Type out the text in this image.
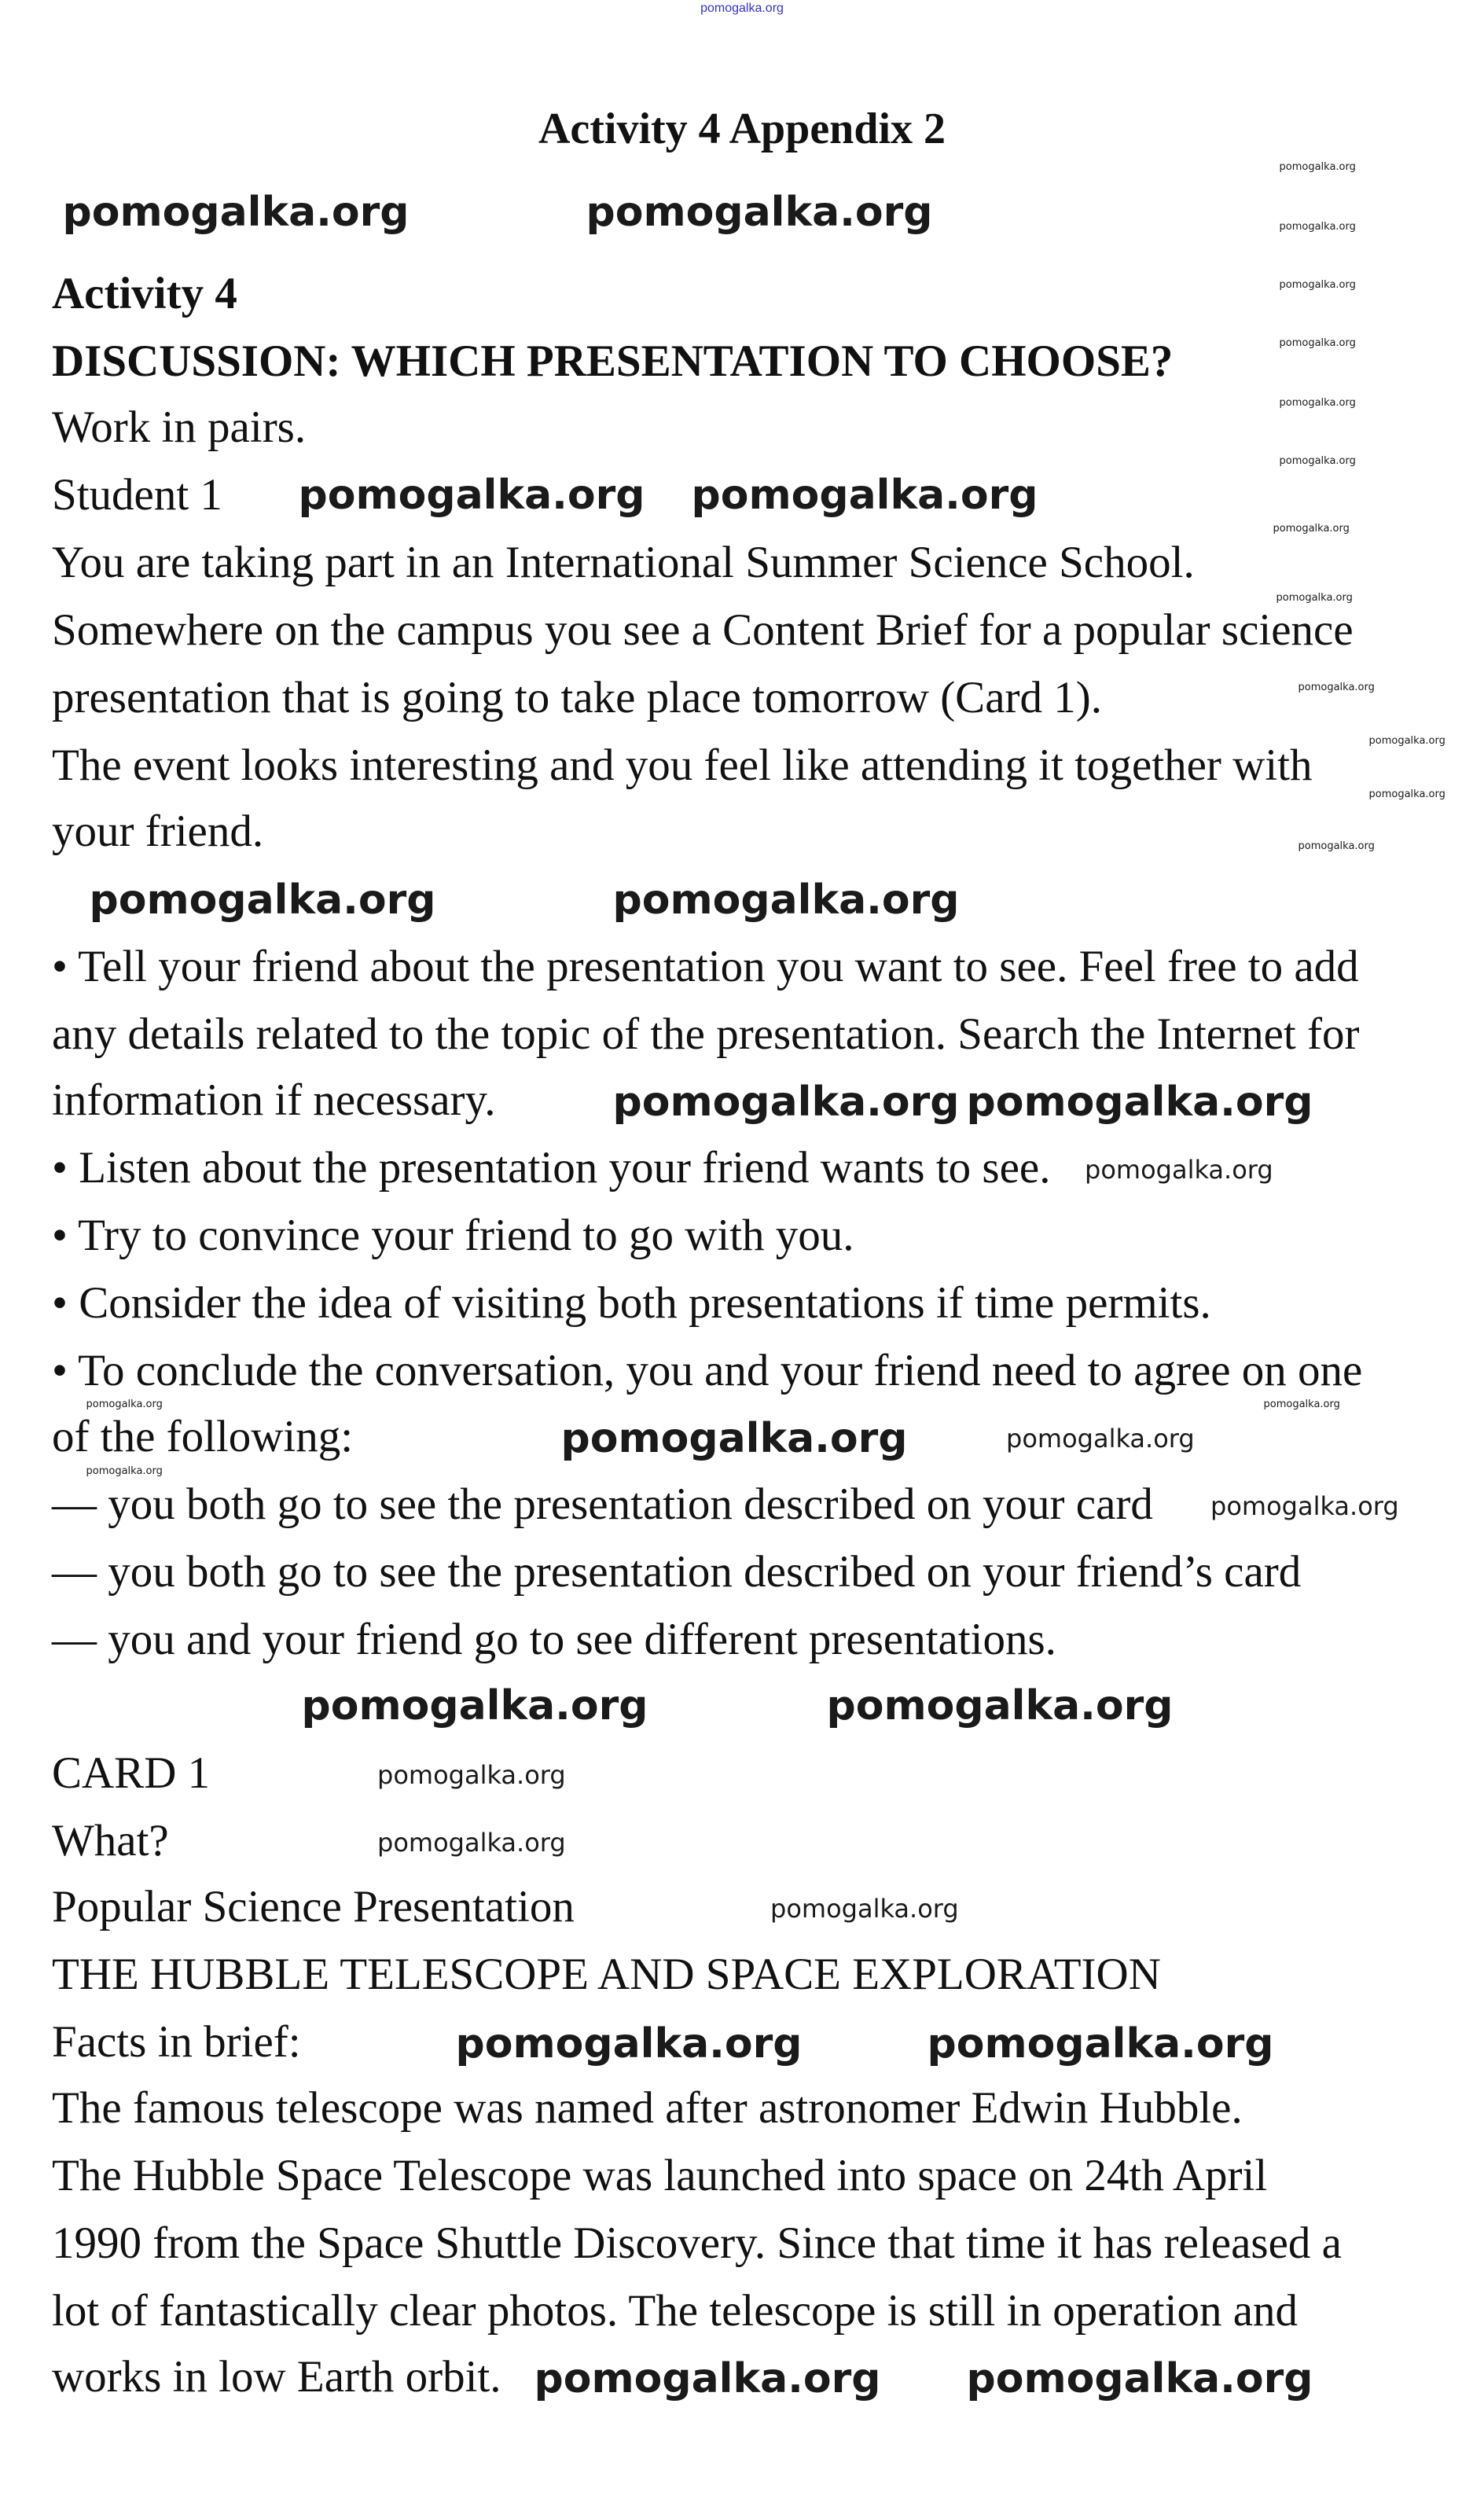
pomogalka.org
Activity 4 Appendix 2
Activity 4
DISCUSSION: WHICH PRESENTATION TO CHOOSE?
Work in pairs.
Student 1
You are taking part in an International Summer Science School.
Somewhere on the campus you see a Content Brief for a popular science
presentation that is going to take place tomorrow (Card 1).
The event looks interesting and you feel like attending it together with
your friend.
• Tell your friend about the presentation you want to see. Feel free to add
any details related to the topic of the presentation. Search the Internet for
information if necessary.
• Listen about the presentation your friend wants to see.
• Try to convince your friend to go with you.
• Consider the idea of visiting both presentations if time permits.
• To conclude the conversation, you and your friend need to agree on one
of the following:
— you both go to see the presentation described on your card
— you both go to see the presentation described on your friend’s card
— you and your friend go to see different presentations.
CARD 1
What?
Popular Science Presentation
THE HUBBLE TELESCOPE AND SPACE EXPLORATION
Facts in brief:
The famous telescope was named after astronomer Edwin Hubble.
The Hubble Space Telescope was launched into space on 24th April
1990 from the Space Shuttle Discovery. Since that time it has released a
lot of fantastically clear photos. The telescope is still in operation and
works in low Earth orbit.
pomogalka.org	pomogalka.org
pomogalka.org pomogalka.org
pomogalka.org	pomogalka.org
pomogalka.org pomogalka.org
pomogalka.org
pomogalka.org	pomogalka.org
pomogalka.org	pomogalka.org
pomogalka.org pomogalka.org
pomogalka.org
pomogalka.org
pomogalka.org
pomogalka.org
pomogalka.org
pomogalka.org
pomogalka.org
pomogalka.org
pomogalka.org
pomogalka.org
pomogalka.org
pomogalka.org
pomogalka.org
pomogalka.org
pomogalka.org
pomogalka.org
pomogalka.org
pomogalka.org
pomogalka.org
pomogalka.org
pomogalka.org
